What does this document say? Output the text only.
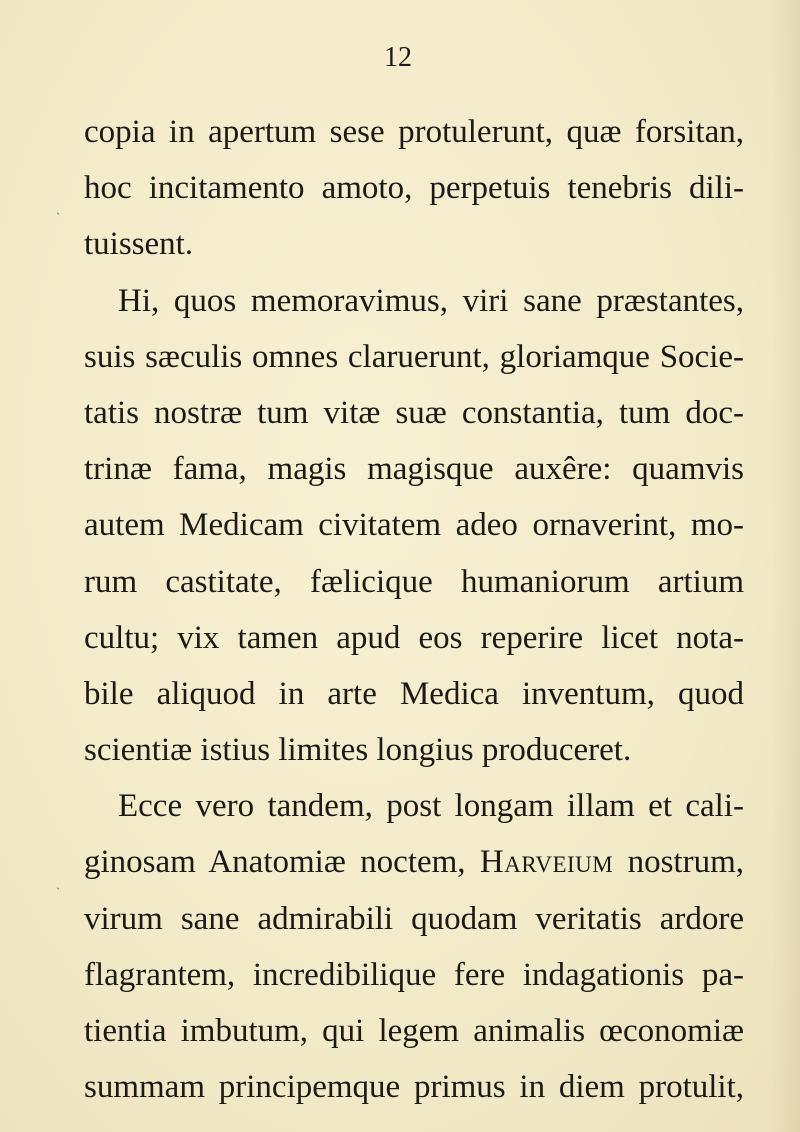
12
˴
˴
copia in apertum sese protulerunt, quæ forsitan,
hoc incitamento amoto, perpetuis tenebris dili-
tuissent.
Hi, quos memoravimus, viri sane præstantes,
suis sæculis omnes claruerunt, gloriamque Socie-
tatis nostræ tum vitæ suæ constantia, tum doc-
trinæ fama, magis magisque auxêre: quamvis
autem Medicam civitatem adeo ornaverint, mo-
rum castitate, fælicique humaniorum artium
cultu; vix tamen apud eos reperire licet nota-
bile aliquod in arte Medica inventum, quod
scientiæ istius limites longius produceret.
Ecce vero tandem, post longam illam et cali-
ginosam Anatomiæ noctem, Harveium nostrum,
virum sane admirabili quodam veritatis ardore
flagrantem, incredibilique fere indagationis pa-
tientia imbutum, qui legem animalis œconomiæ
summam principemque primus in diem protulit,
